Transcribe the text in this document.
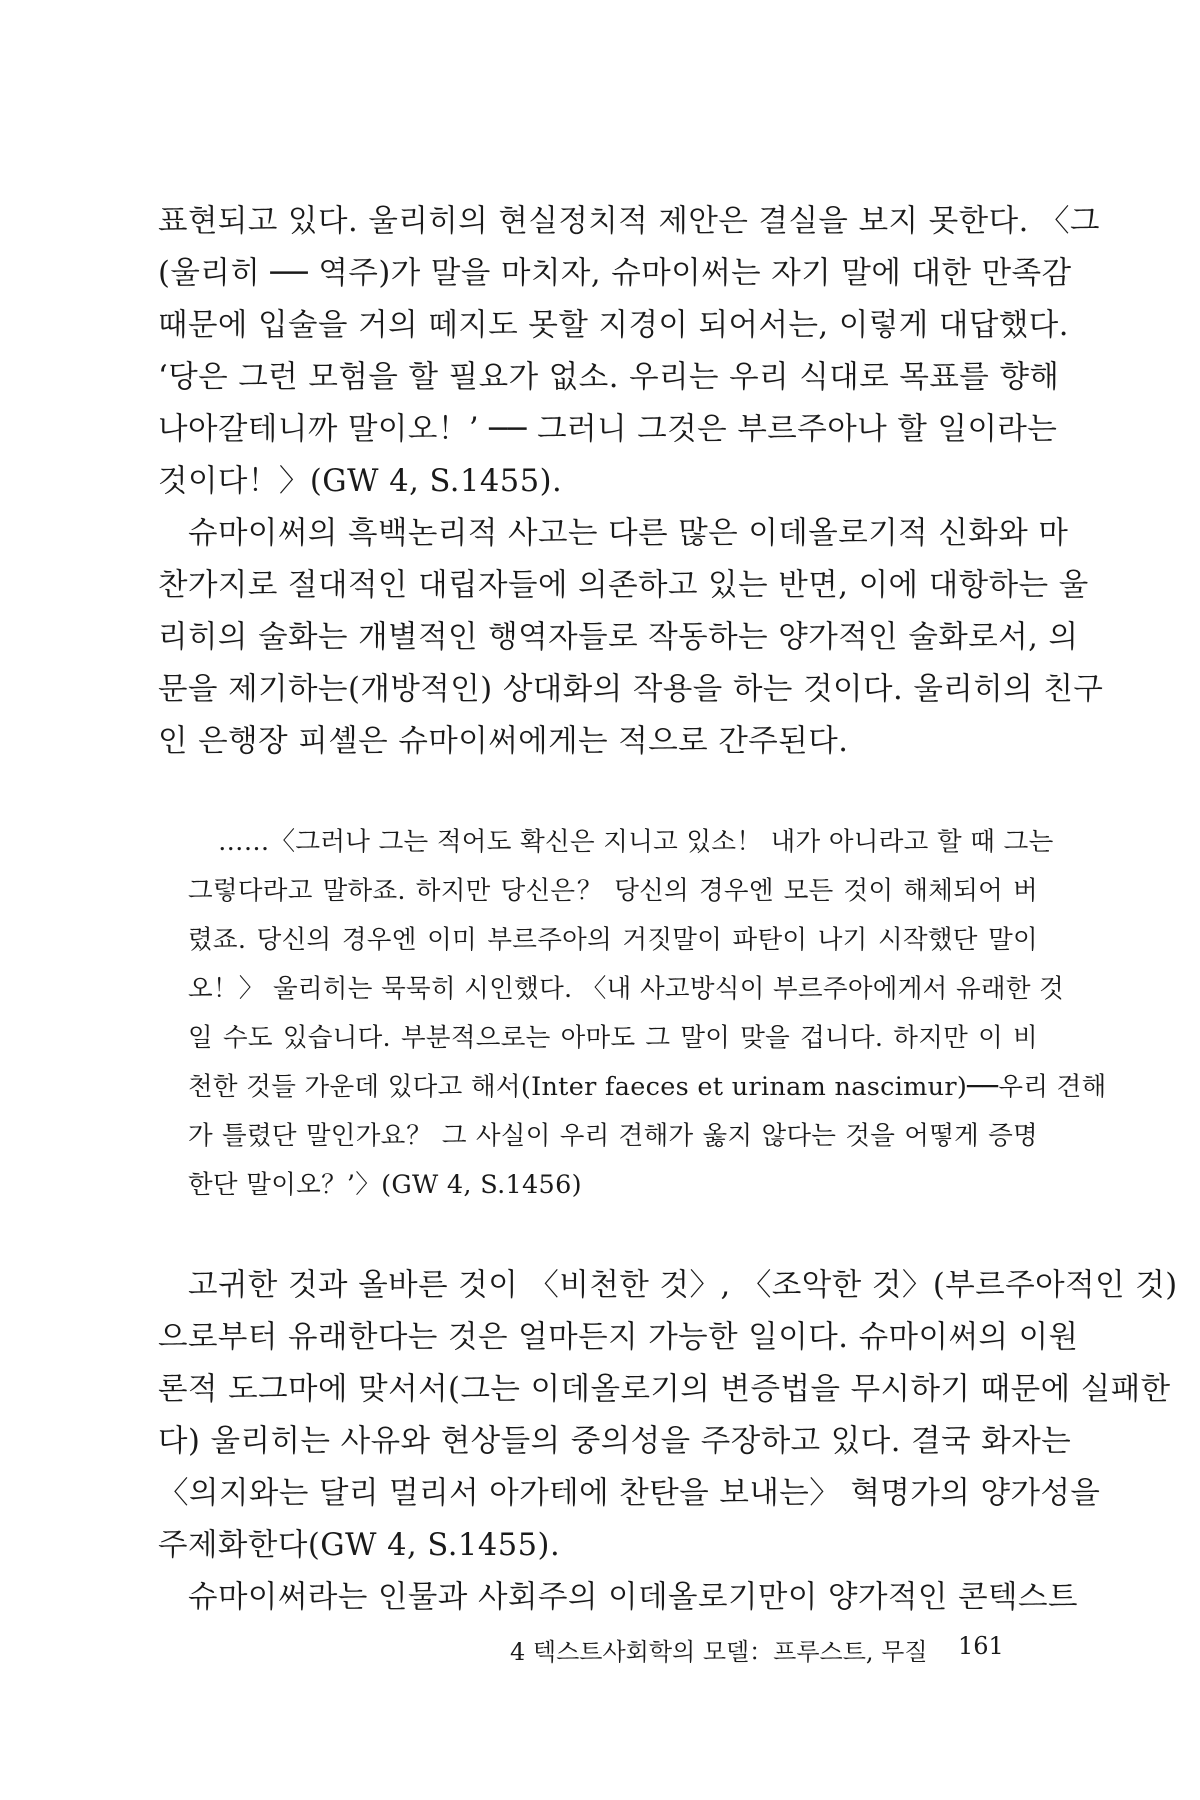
표현되고 있다. 울리히의 현실정치적 제안은 결실을 보지 못한다. 〈그
(울리히 ── 역주)가 말을 마치자, 슈마이써는 자기 말에 대한 만족감
때문에 입술을 거의 떼지도 못할 지경이 되어서는, 이렇게 대답했다.
‘당은 그런 모험을 할 필요가 없소. 우리는 우리 식대로 목표를 향해
나아갈테니까 말이오！’ ── 그러니 그것은 부르주아나 할 일이라는
것이다！〉(GW 4, S.1455).

슈마이써의 흑백논리적 사고는 다른 많은 이데올로기적 신화와 마
찬가지로 절대적인 대립자들에 의존하고 있는 반면, 이에 대항하는 울
리히의 술화는 개별적인 행역자들로 작동하는 양가적인 술화로서, 의
문을 제기하는(개방적인) 상대화의 작용을 하는 것이다. 울리히의 친구
인 은행장 피셸은 슈마이써에게는 적으로 간주된다.

……〈그러나 그는 적어도 확신은 지니고 있소！ 내가 아니라고 할 때 그는
그렇다라고 말하죠. 하지만 당신은？ 당신의 경우엔 모든 것이 해체되어 버
렸죠. 당신의 경우엔 이미 부르주아의 거짓말이 파탄이 나기 시작했단 말이
오！〉 울리히는 묵묵히 시인했다. 〈내 사고방식이 부르주아에게서 유래한 것
일 수도 있습니다. 부분적으로는 아마도 그 말이 맞을 겁니다. 하지만 이 비
천한 것들 가운데 있다고 해서(Inter faeces et urinam nascimur)──우리 견해
가 틀렸단 말인가요？ 그 사실이 우리 견해가 옳지 않다는 것을 어떻게 증명
한단 말이오？’〉(GW 4, S.1456)

고귀한 것과 올바른 것이 〈비천한 것〉, 〈조악한 것〉(부르주아적인 것)
으로부터 유래한다는 것은 얼마든지 가능한 일이다. 슈마이써의 이원
론적 도그마에 맞서서(그는 이데올로기의 변증법을 무시하기 때문에 실패한
다) 울리히는 사유와 현상들의 중의성을 주장하고 있다. 결국 화자는
〈의지와는 달리 멀리서 아가테에 찬탄을 보내는〉 혁명가의 양가성을
주제화한다(GW 4, S.1455).

슈마이써라는 인물과 사회주의 이데올로기만이 양가적인 콘텍스트

4 텍스트사회학의 모델：프루스트, 무질 161
